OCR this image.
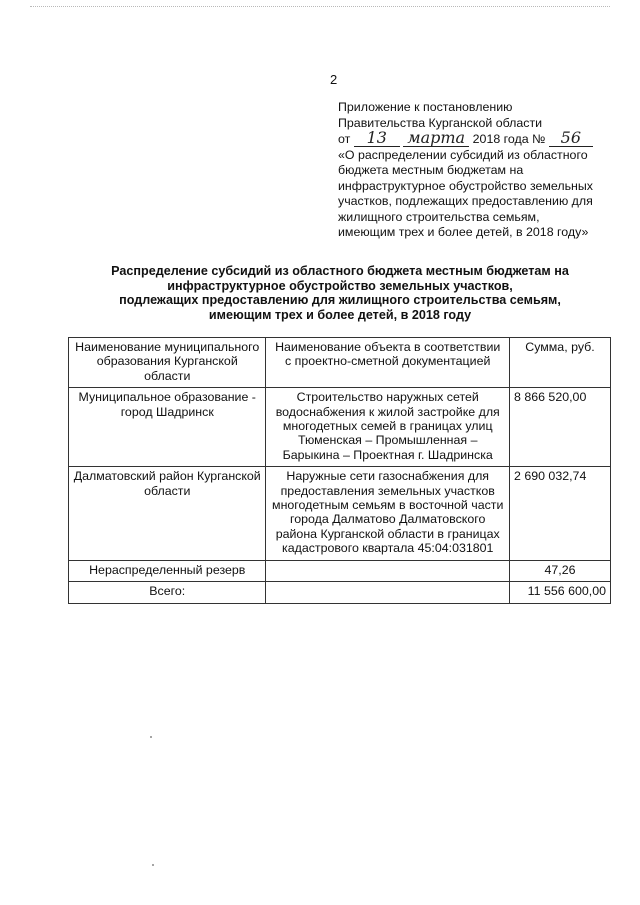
2
Приложение к постановлению
Правительства Курганской области
от 13 марта 2018 года № 56
«О распределении субсидий из областного
бюджета местным бюджетам на
инфраструктурное обустройство земельных
участков, подлежащих предоставлению для
жилищного строительства семьям,
имеющим трех и более детей, в 2018 году»
Распределение субсидий из областного бюджета местным бюджетам на
инфраструктурное обустройство земельных участков,
подлежащих предоставлению для жилищного строительства семьям,
имеющим трех и более детей, в 2018 году
Наименование муниципального образования Курганской области	Наименование объекта в соответствии с проектно-сметной документацией	Сумма, руб.
Муниципальное образование - город Шадринск	Строительство наружных сетей водоснабжения к жилой застройке для многодетных семей в границах улиц Тюменская – Промышленная – Барыкина – Проектная г. Шадринска	8 866 520,00
Далматовский район Курганской области	Наружные сети газоснабжения для предоставления земельных участков многодетным семьям в восточной части города Далматово Далматовского района Курганской области в границах кадастрового квартала 45:04:031801	2 690 032,74
Нераспределенный резерв		47,26
Всего:		11 556 600,00
